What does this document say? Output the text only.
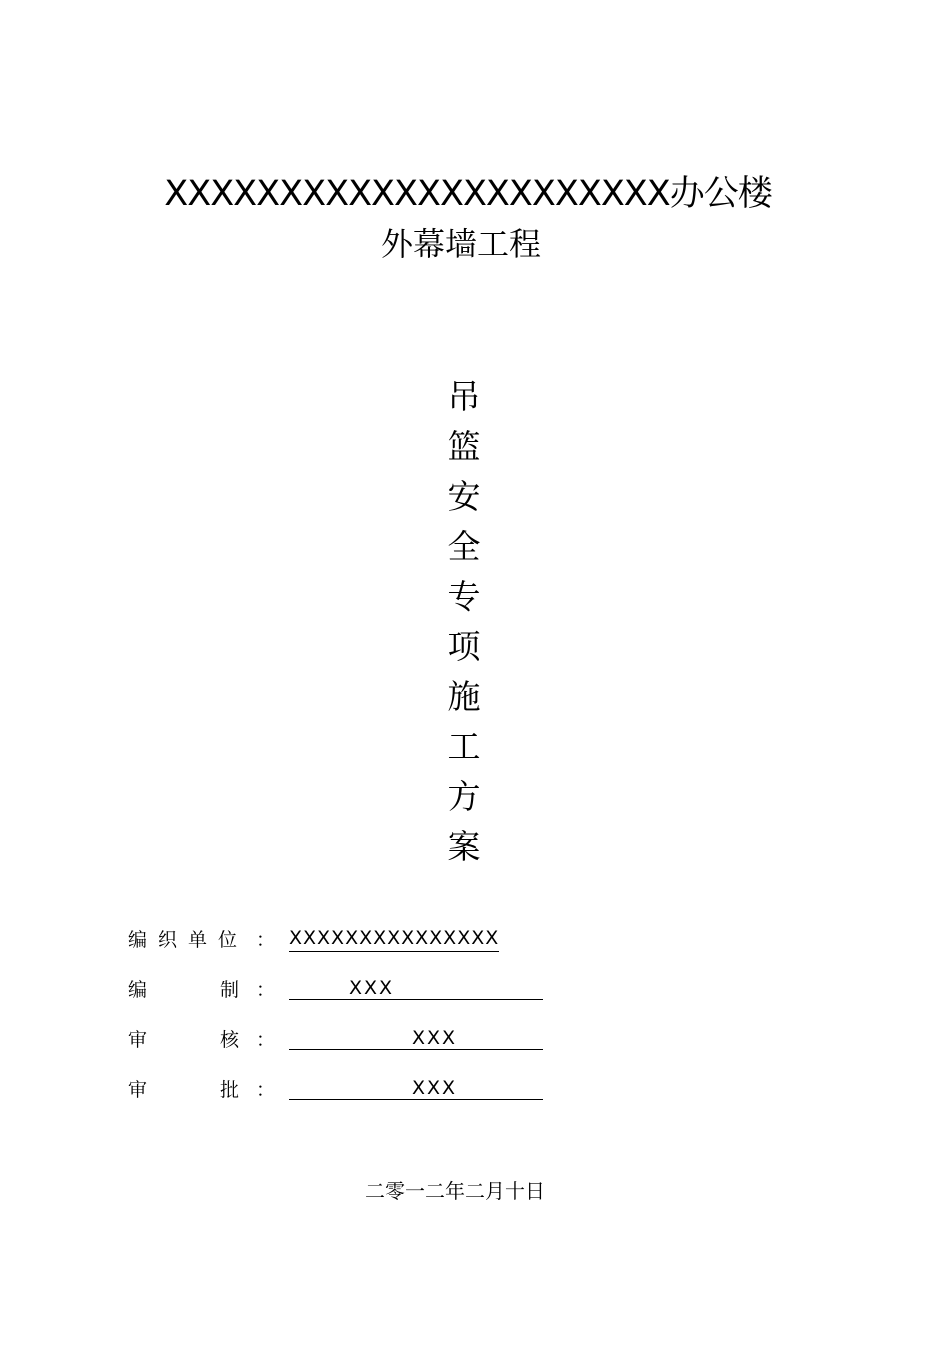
XXXXXXXXXXXXXXXXXXXXXX办公楼
外幕墙工程
吊
篮
安
全
专
项
施
工
方
案
编织单位 ： XXXXXXXXXXXXXXX
编	制 ：	XXX
审	核 ：	XXX
审	批 ：	XXX
二零一二年二月十日
